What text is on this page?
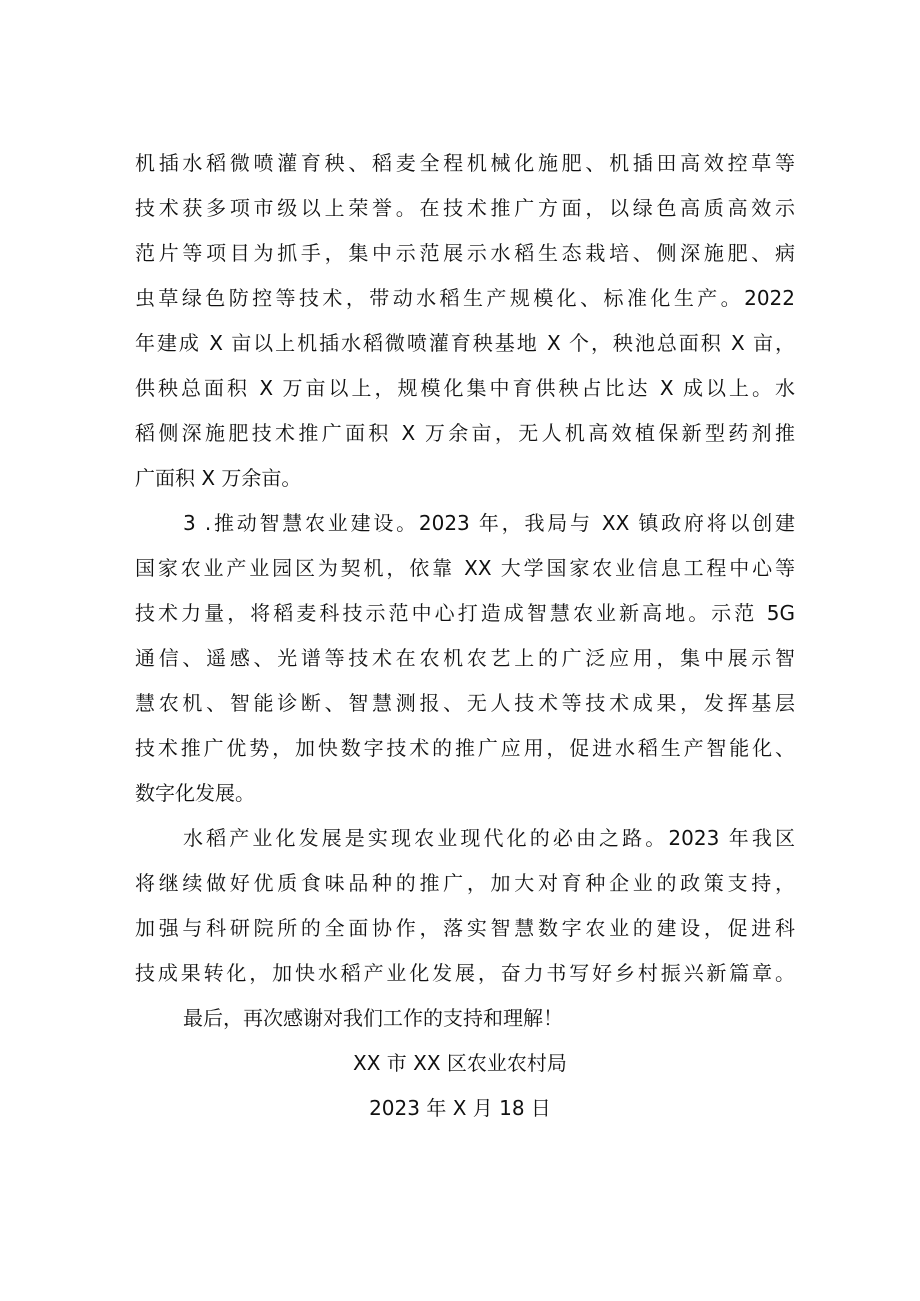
机插水稻微喷灌育秧、稻麦全程机械化施肥、机插田高效控草等
技术获多项市级以上荣誉。在技术推广方面，以绿色高质高效示
范片等项目为抓手，集中示范展示水稻生态栽培、侧深施肥、病
虫草绿色防控等技术，带动水稻生产规模化、标准化生产。2022
年建成 X 亩以上机插水稻微喷灌育秧基地 X 个，秧池总面积 X 亩，
供秧总面积 X 万亩以上，规模化集中育供秧占比达 X 成以上。水
稻侧深施肥技术推广面积 X 万余亩，无人机高效植保新型药剂推
广面积 X 万余亩。
3 .推动智慧农业建设。2023 年，我局与 XX 镇政府将以创建
国家农业产业园区为契机，依靠 XX 大学国家农业信息工程中心等
技术力量，将稻麦科技示范中心打造成智慧农业新高地。示范 5G
通信、遥感、光谱等技术在农机农艺上的广泛应用，集中展示智
慧农机、智能诊断、智慧测报、无人技术等技术成果，发挥基层
技术推广优势，加快数字技术的推广应用，促进水稻生产智能化、
数字化发展。
水稻产业化发展是实现农业现代化的必由之路。2023 年我区
将继续做好优质食味品种的推广，加大对育种企业的政策支持，
加强与科研院所的全面协作，落实智慧数字农业的建设，促进科
技成果转化，加快水稻产业化发展，奋力书写好乡村振兴新篇章。
最后，再次感谢对我们工作的支持和理解！
XX 市 XX 区农业农村局
2023 年 X 月 18 日
